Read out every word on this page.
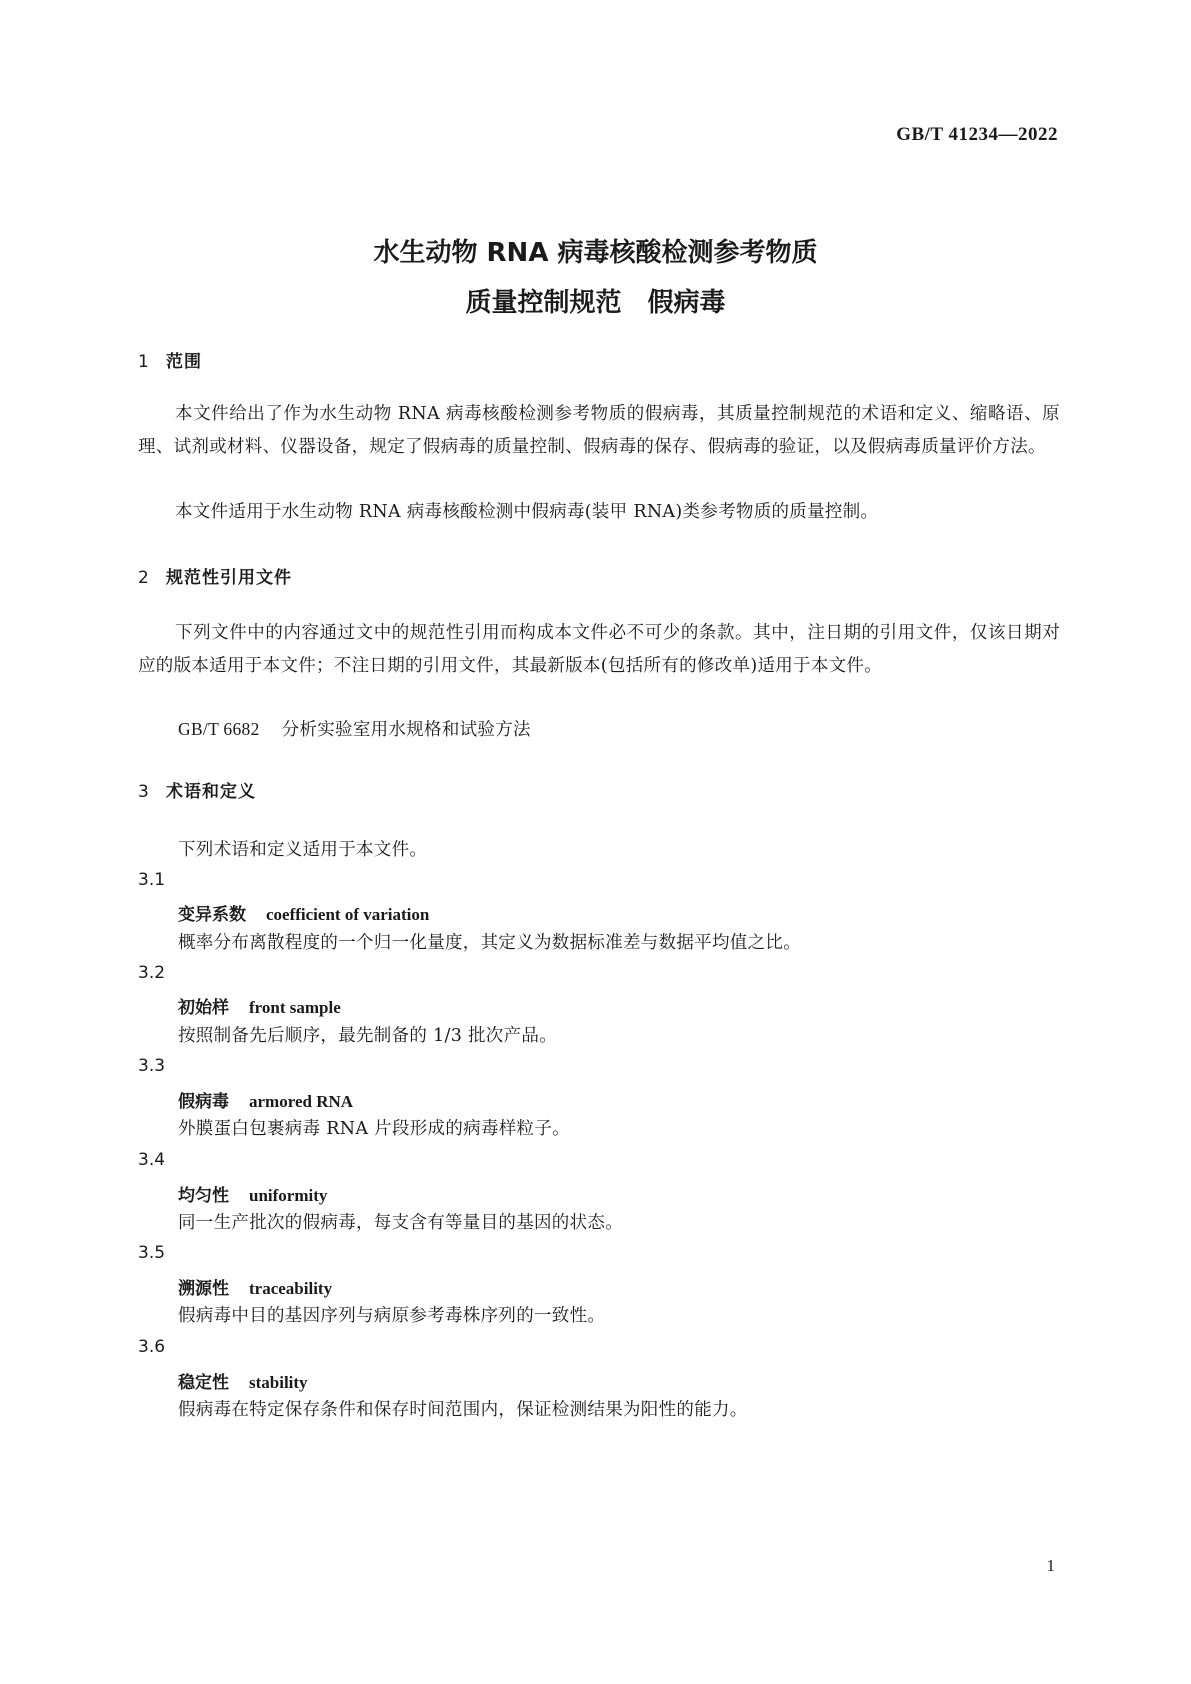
GB/T 41234—2022

水生动物 RNA 病毒核酸检测参考物质
质量控制规范　假病毒
1 范围

本文件给出了作为水生动物 RNA 病毒核酸检测参考物质的假病毒，其质量控制规范的术语和定义、缩略语、原理、试剂或材料、仪器设备，规定了假病毒的质量控制、假病毒的保存、假病毒的验证，以及假病毒质量评价方法。

本文件适用于水生动物 RNA 病毒核酸检测中假病毒(装甲 RNA)类参考物质的质量控制。

2 规范性引用文件

下列文件中的内容通过文中的规范性引用而构成本文件必不可少的条款。其中，注日期的引用文件，仅该日期对应的版本适用于本文件；不注日期的引用文件，其最新版本(包括所有的修改单)适用于本文件。

GB/T 6682 分析实验室用水规格和试验方法

3 术语和定义

下列术语和定义适用于本文件。

3.1

变异系数 coefficient of variation

概率分布离散程度的一个归一化量度，其定义为数据标准差与数据平均值之比。

3.2

初始样 front sample

按照制备先后顺序，最先制备的 1/3 批次产品。

3.3

假病毒 armored RNA

外膜蛋白包裹病毒 RNA 片段形成的病毒样粒子。

3.4

均匀性 uniformity

同一生产批次的假病毒，每支含有等量目的基因的状态。

3.5

溯源性 traceability

假病毒中目的基因序列与病原参考毒株序列的一致性。

3.6

稳定性 stability

假病毒在特定保存条件和保存时间范围内，保证检测结果为阳性的能力。

1
